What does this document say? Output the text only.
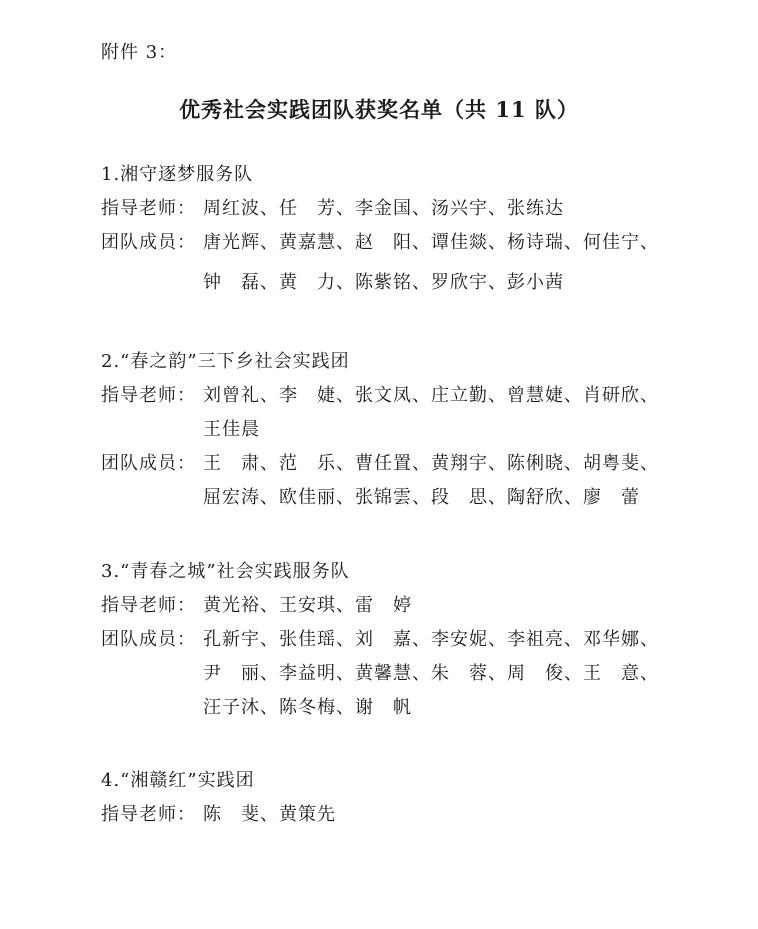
附件 3：
优秀社会实践团队获奖名单（共 11 队）
1.湘守逐梦服务队
指导老师： 周红波、任　芳、李金国、汤兴宇、张练达
团队成员： 唐光辉、黄嘉慧、赵　阳、谭佳燚、杨诗瑞、何佳宁、
钟　磊、黄　力、陈紫铭、罗欣宇、彭小茜
2.“春之韵”三下乡社会实践团
指导老师： 刘曾礼、李　婕、张文凤、庄立勤、曾慧婕、肖研欣、
王佳晨
团队成员： 王　肃、范　乐、曹任置、黄翔宇、陈俐晓、胡粤斐、
屈宏涛、欧佳丽、张锦雲、段　思、陶舒欣、廖　蕾
3.“青春之城”社会实践服务队
指导老师： 黄光裕、王安琪、雷　婷
团队成员： 孔新宇、张佳瑶、刘　嘉、李安妮、李祖亮、邓华娜、
尹　丽、李益明、黄馨慧、朱　蓉、周　俊、王　意、
汪子沐、陈冬梅、谢　帆
4.“湘赣红”实践团
指导老师： 陈　斐、黄策先
